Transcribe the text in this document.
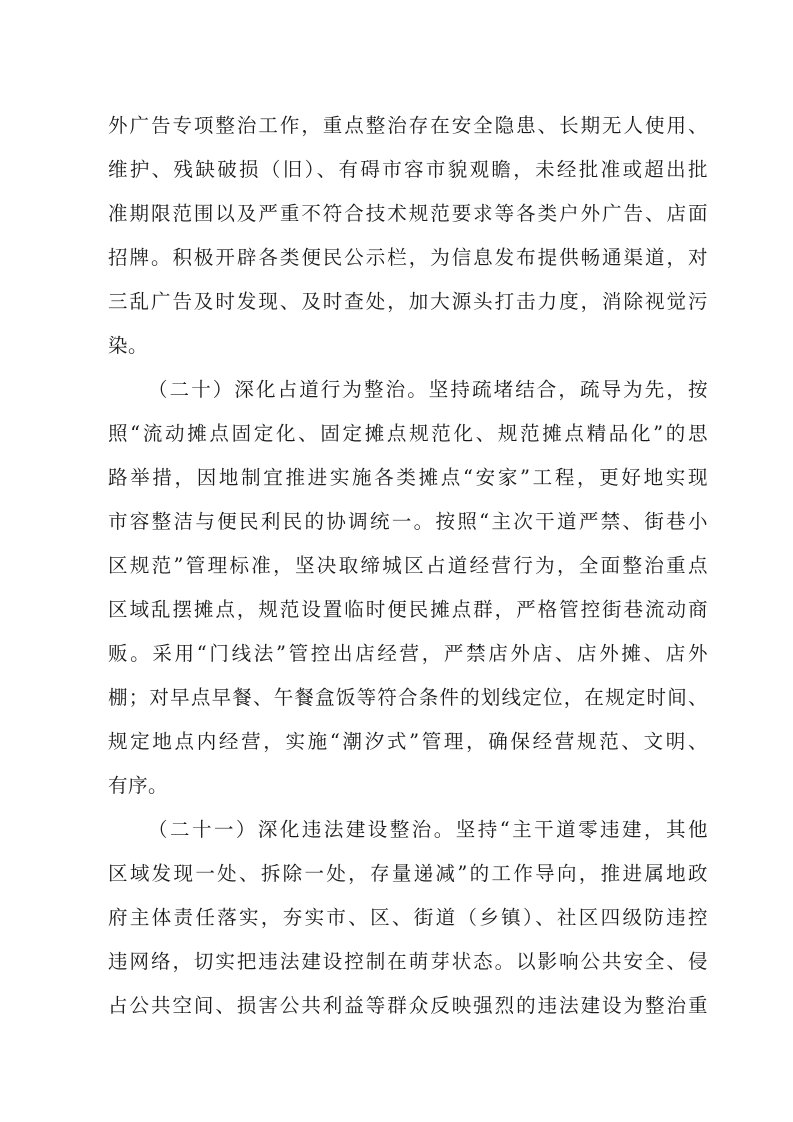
外广告专项整治工作，重点整治存在安全隐患、长期无人使用、
维护、残缺破损（旧）、有碍市容市貌观瞻，未经批准或超出批
准期限范围以及严重不符合技术规范要求等各类户外广告、店面
招牌。积极开辟各类便民公示栏，为信息发布提供畅通渠道，对
三乱广告及时发现、及时查处，加大源头打击力度，消除视觉污
染。
（二十）深化占道行为整治。坚持疏堵结合，疏导为先，按
照“流动摊点固定化、固定摊点规范化、规范摊点精品化”的思
路举措，因地制宜推进实施各类摊点“安家”工程，更好地实现
市容整洁与便民利民的协调统一。按照“主次干道严禁、街巷小
区规范”管理标准，坚决取缔城区占道经营行为，全面整治重点
区域乱摆摊点，规范设置临时便民摊点群，严格管控街巷流动商
贩。采用“门线法”管控出店经营，严禁店外店、店外摊、店外
棚；对早点早餐、午餐盒饭等符合条件的划线定位，在规定时间、
规定地点内经营，实施“潮汐式”管理，确保经营规范、文明、
有序。
（二十一）深化违法建设整治。坚持“主干道零违建，其他
区域发现一处、拆除一处，存量递减”的工作导向，推进属地政
府主体责任落实，夯实市、区、街道（乡镇）、社区四级防违控
违网络，切实把违法建设控制在萌芽状态。以影响公共安全、侵
占公共空间、损害公共利益等群众反映强烈的违法建设为整治重
